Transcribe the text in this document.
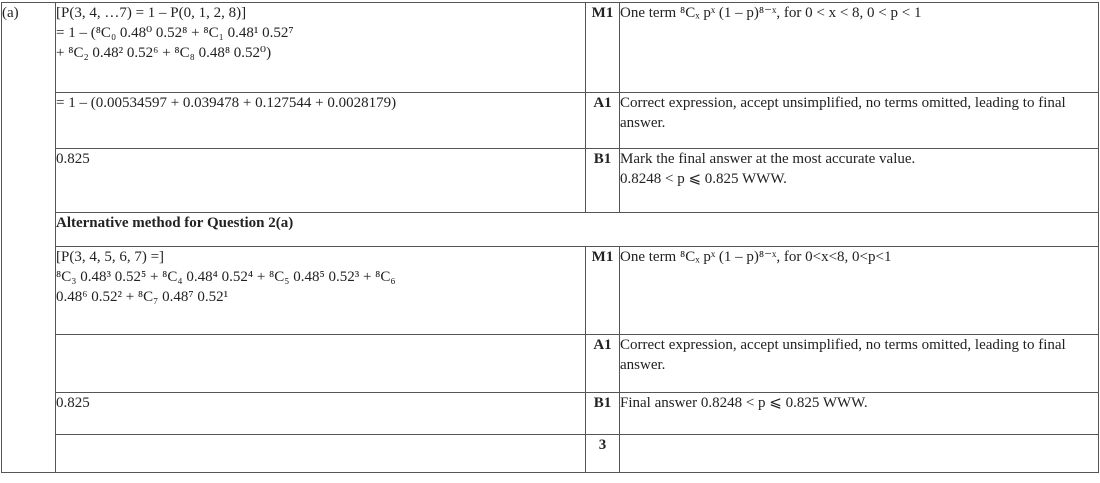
(a)	[P(3, 4, …7) = 1 – P(0, 1, 2, 8)]
= 1 – (⁸C₀ 0.48⁰ 0.52⁸ + ⁸C₁ 0.48¹ 0.52⁷
+ ⁸C₂ 0.48² 0.52⁶ + ⁸C₈ 0.48⁸ 0.52⁰)	M1	One term ⁸Cₓ pˣ (1 – p)⁸⁻ˣ, for 0 < x < 8, 0 < p < 1

	= 1 – (0.00534597 + 0.039478 + 0.127544 + 0.0028179)	A1	Correct expression, accept unsimplified, no terms omitted, leading to final answer.

	0.825	B1	Mark the final answer at the most accurate value.
0.8248 < p ⩽ 0.825 WWW.

	Alternative method for Question 2(a)		

	[P(3, 4, 5, 6, 7) =]
⁸C₃ 0.48³ 0.52⁵ + ⁸C₄ 0.48⁴ 0.52⁴ + ⁸C₅ 0.48⁵ 0.52³ + ⁸C₆
0.48⁶ 0.52² + ⁸C₇ 0.48⁷ 0.52¹	M1	One term ⁸Cₓ pˣ (1 – p)⁸⁻ˣ, for 0<x<8, 0<p<1

		A1	Correct expression, accept unsimplified, no terms omitted, leading to final answer.

	0.825	B1	Final answer 0.8248 < p ⩽ 0.825 WWW.

		3	
